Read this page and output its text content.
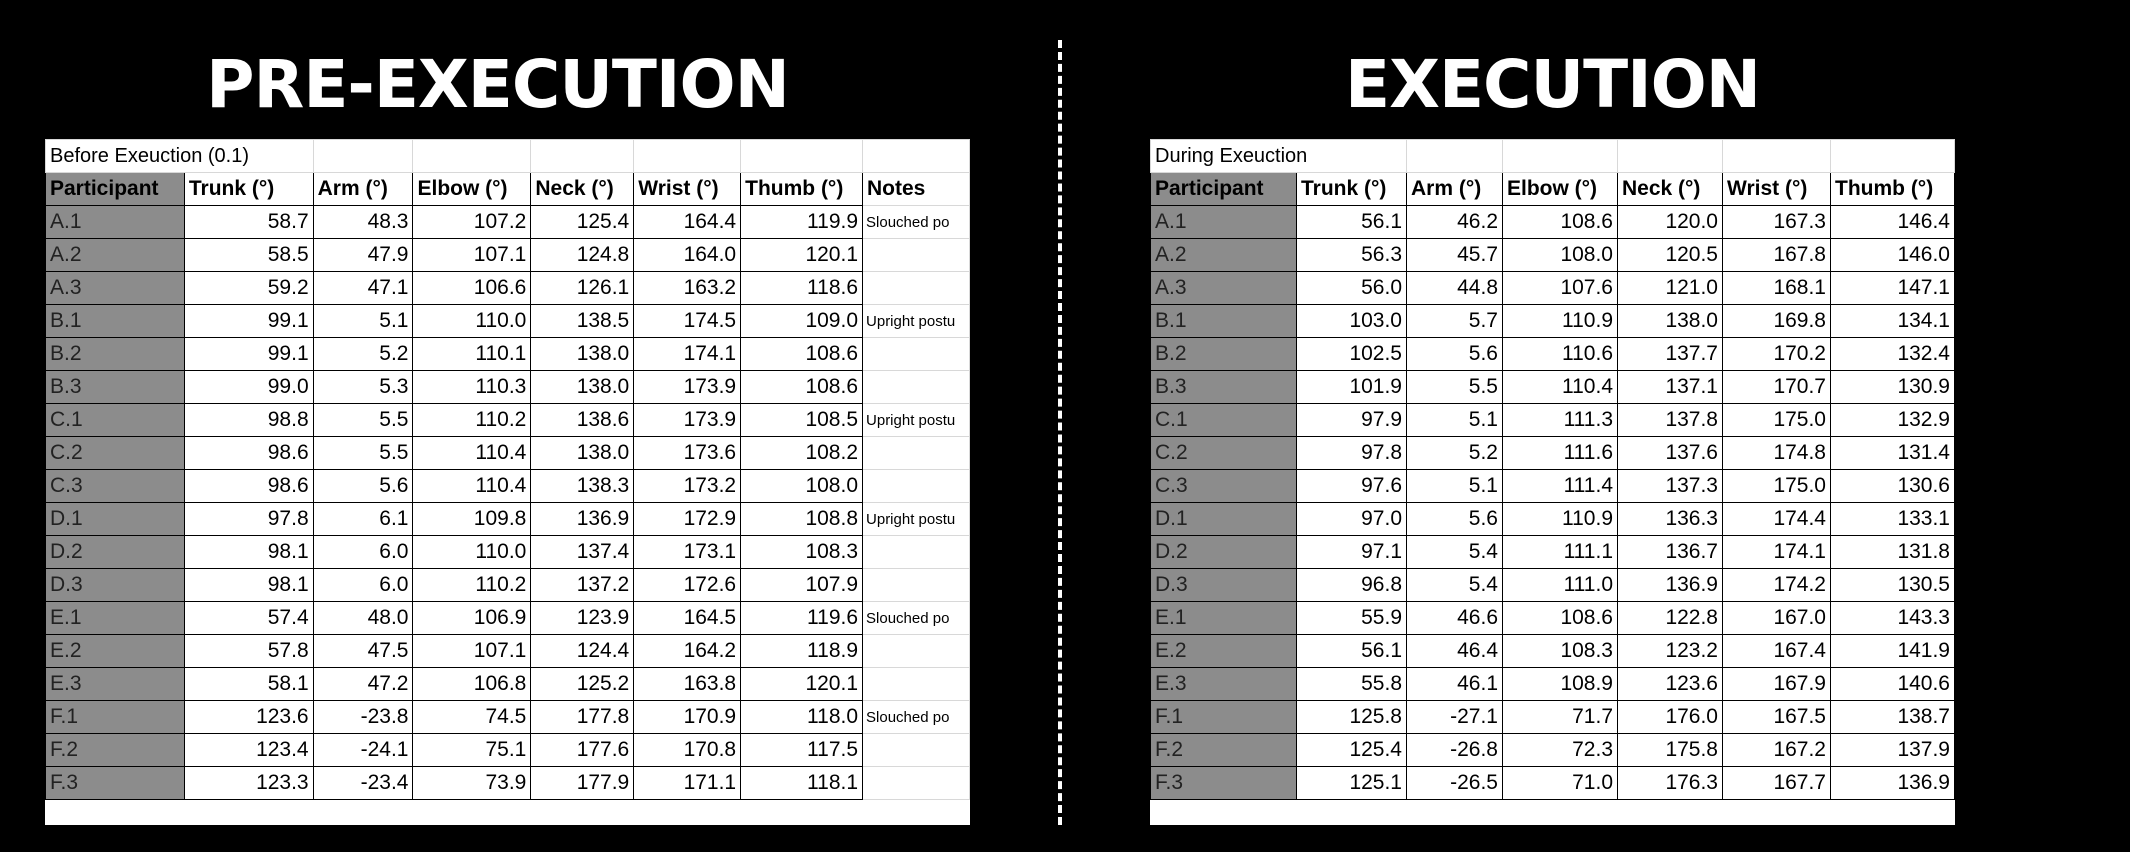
PRE-EXECUTION	EXECUTION
Before Exeuction (0.1)							
Participant	Trunk (°)	Arm (°)	Elbow (°)	Neck (°)	Wrist (°)	Thumb (°)	Notes
A.1	58.7	48.3	107.2	125.4	164.4	119.9	Slouched po
A.2	58.5	47.9	107.1	124.8	164.0	120.1	
A.3	59.2	47.1	106.6	126.1	163.2	118.6	
B.1	99.1	5.1	110.0	138.5	174.5	109.0	Upright postu
B.2	99.1	5.2	110.1	138.0	174.1	108.6	
B.3	99.0	5.3	110.3	138.0	173.9	108.6	
C.1	98.8	5.5	110.2	138.6	173.9	108.5	Upright postu
C.2	98.6	5.5	110.4	138.0	173.6	108.2	
C.3	98.6	5.6	110.4	138.3	173.2	108.0	
D.1	97.8	6.1	109.8	136.9	172.9	108.8	Upright postu
D.2	98.1	6.0	110.0	137.4	173.1	108.3	
D.3	98.1	6.0	110.2	137.2	172.6	107.9	
E.1	57.4	48.0	106.9	123.9	164.5	119.6	Slouched po
E.2	57.8	47.5	107.1	124.4	164.2	118.9	
E.3	58.1	47.2	106.8	125.2	163.8	120.1	
F.1	123.6	-23.8	74.5	177.8	170.9	118.0	Slouched po
F.2	123.4	-24.1	75.1	177.6	170.8	117.5	
F.3	123.3	-23.4	73.9	177.9	171.1	118.1	
During Exeuction						
Participant	Trunk (°)	Arm (°)	Elbow (°)	Neck (°)	Wrist (°)	Thumb (°)
A.1	56.1	46.2	108.6	120.0	167.3	146.4
A.2	56.3	45.7	108.0	120.5	167.8	146.0
A.3	56.0	44.8	107.6	121.0	168.1	147.1
B.1	103.0	5.7	110.9	138.0	169.8	134.1
B.2	102.5	5.6	110.6	137.7	170.2	132.4
B.3	101.9	5.5	110.4	137.1	170.7	130.9
C.1	97.9	5.1	111.3	137.8	175.0	132.9
C.2	97.8	5.2	111.6	137.6	174.8	131.4
C.3	97.6	5.1	111.4	137.3	175.0	130.6
D.1	97.0	5.6	110.9	136.3	174.4	133.1
D.2	97.1	5.4	111.1	136.7	174.1	131.8
D.3	96.8	5.4	111.0	136.9	174.2	130.5
E.1	55.9	46.6	108.6	122.8	167.0	143.3
E.2	56.1	46.4	108.3	123.2	167.4	141.9
E.3	55.8	46.1	108.9	123.6	167.9	140.6
F.1	125.8	-27.1	71.7	176.0	167.5	138.7
F.2	125.4	-26.8	72.3	175.8	167.2	137.9
F.3	125.1	-26.5	71.0	176.3	167.7	136.9
